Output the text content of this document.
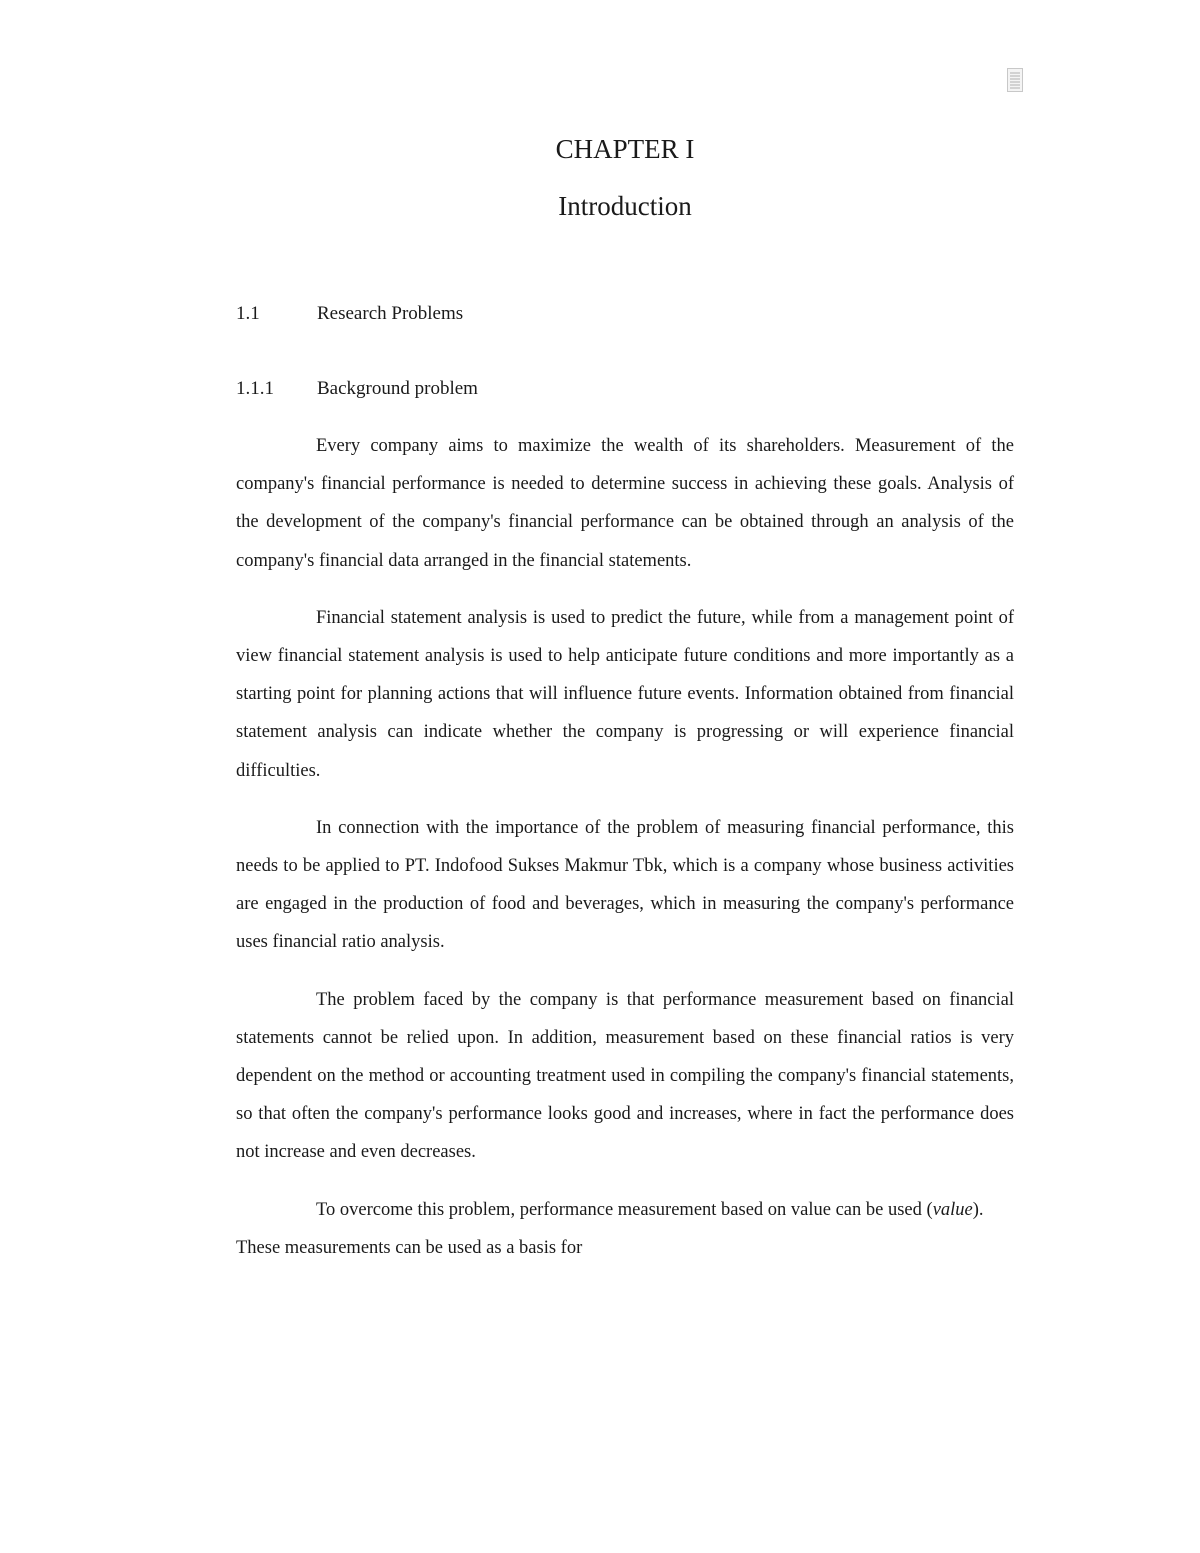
CHAPTER I
Introduction
1.1	Research Problems
1.1.1 Background problem

Every company aims to maximize the wealth of its shareholders. Measurement of the company's financial performance is needed to determine success in achieving these goals. Analysis of the development of the company's financial performance can be obtained through an analysis of the company's financial data arranged in the financial statements.

Financial statement analysis is used to predict the future, while from a management point of view financial statement analysis is used to help anticipate future conditions and more importantly as a starting point for planning actions that will influence future events. Information obtained from financial statement analysis can indicate whether the company is progressing or will experience financial difficulties.

In connection with the importance of the problem of measuring financial performance, this needs to be applied to PT. Indofood Sukses Makmur Tbk, which is a company whose business activities are engaged in the production of food and beverages, which in measuring the company's performance uses financial ratio analysis.

The problem faced by the company is that performance measurement based on financial statements cannot be relied upon. In addition, measurement based on these financial ratios is very dependent on the method or accounting treatment used in compiling the company's financial statements, so that often the company's performance looks good and increases, where in fact the performance does not increase and even decreases.

To overcome this problem, performance measurement based on value can be used (value). These measurements can be used as a basis for
